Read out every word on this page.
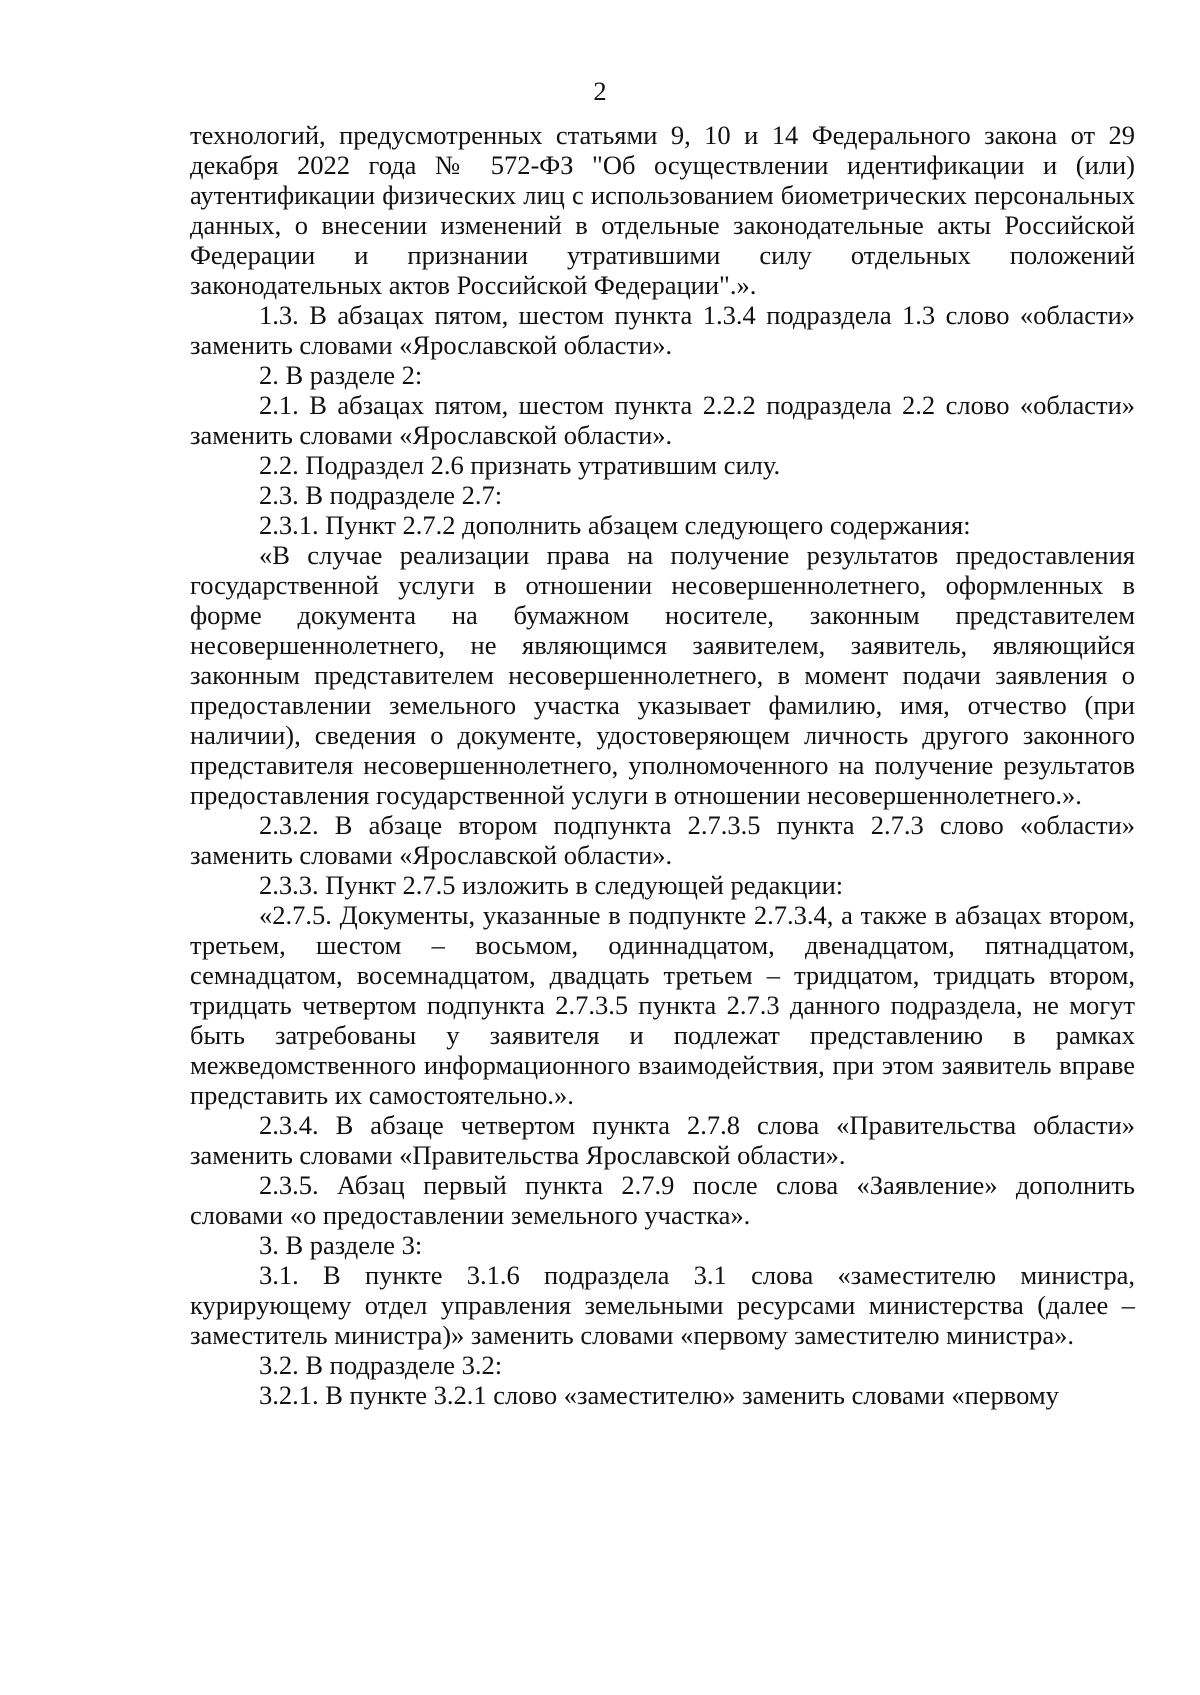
2

технологий, предусмотренных статьями 9, 10 и 14 Федерального закона от 29 декабря 2022 года № 572-ФЗ "Об осуществлении идентификации и (или) аутентификации физических лиц с использованием биометрических персональных данных, о внесении изменений в отдельные законодательные акты Российской Федерации и признании утратившими силу отдельных положений законодательных актов Российской Федерации".».

1.3. В абзацах пятом, шестом пункта 1.3.4 подраздела 1.3 слово «области» заменить словами «Ярославской области».

2. В разделе 2:

2.1. В абзацах пятом, шестом пункта 2.2.2 подраздела 2.2 слово «области» заменить словами «Ярославской области».

2.2. Подраздел 2.6 признать утратившим силу.

2.3. В подразделе 2.7:

2.3.1. Пункт 2.7.2 дополнить абзацем следующего содержания:

«В случае реализации права на получение результатов предоставления государственной услуги в отношении несовершеннолетнего, оформленных в форме документа на бумажном носителе, законным представителем несовершеннолетнего, не являющимся заявителем, заявитель, являющийся законным представителем несовершеннолетнего, в момент подачи заявления о предоставлении земельного участка указывает фамилию, имя, отчество (при наличии), сведения о документе, удостоверяющем личность другого законного представителя несовершеннолетнего, уполномоченного на получение результатов предоставления государственной услуги в отношении несовершеннолетнего.».

2.3.2. В абзаце втором подпункта 2.7.3.5 пункта 2.7.3 слово «области» заменить словами «Ярославской области».

2.3.3. Пункт 2.7.5 изложить в следующей редакции:

«2.7.5. Документы, указанные в подпункте 2.7.3.4, а также в абзацах втором, третьем, шестом – восьмом, одиннадцатом, двенадцатом, пятнадцатом, семнадцатом, восемнадцатом, двадцать третьем – тридцатом, тридцать втором, тридцать четвертом подпункта 2.7.3.5 пункта 2.7.3 данного подраздела, не могут быть затребованы у заявителя и подлежат представлению в рамках межведомственного информационного взаимодействия, при этом заявитель вправе представить их самостоятельно.».

2.3.4. В абзаце четвертом пункта 2.7.8 слова «Правительства области» заменить словами «Правительства Ярославской области».

2.3.5. Абзац первый пункта 2.7.9 после слова «Заявление» дополнить словами «о предоставлении земельного участка».

3. В разделе 3:

3.1. В пункте 3.1.6 подраздела 3.1 слова «заместителю министра, курирующему отдел управления земельными ресурсами министерства (далее – заместитель министра)» заменить словами «первому заместителю министра».

3.2. В подразделе 3.2:

3.2.1. В пункте 3.2.1 слово «заместителю» заменить словами «первому
